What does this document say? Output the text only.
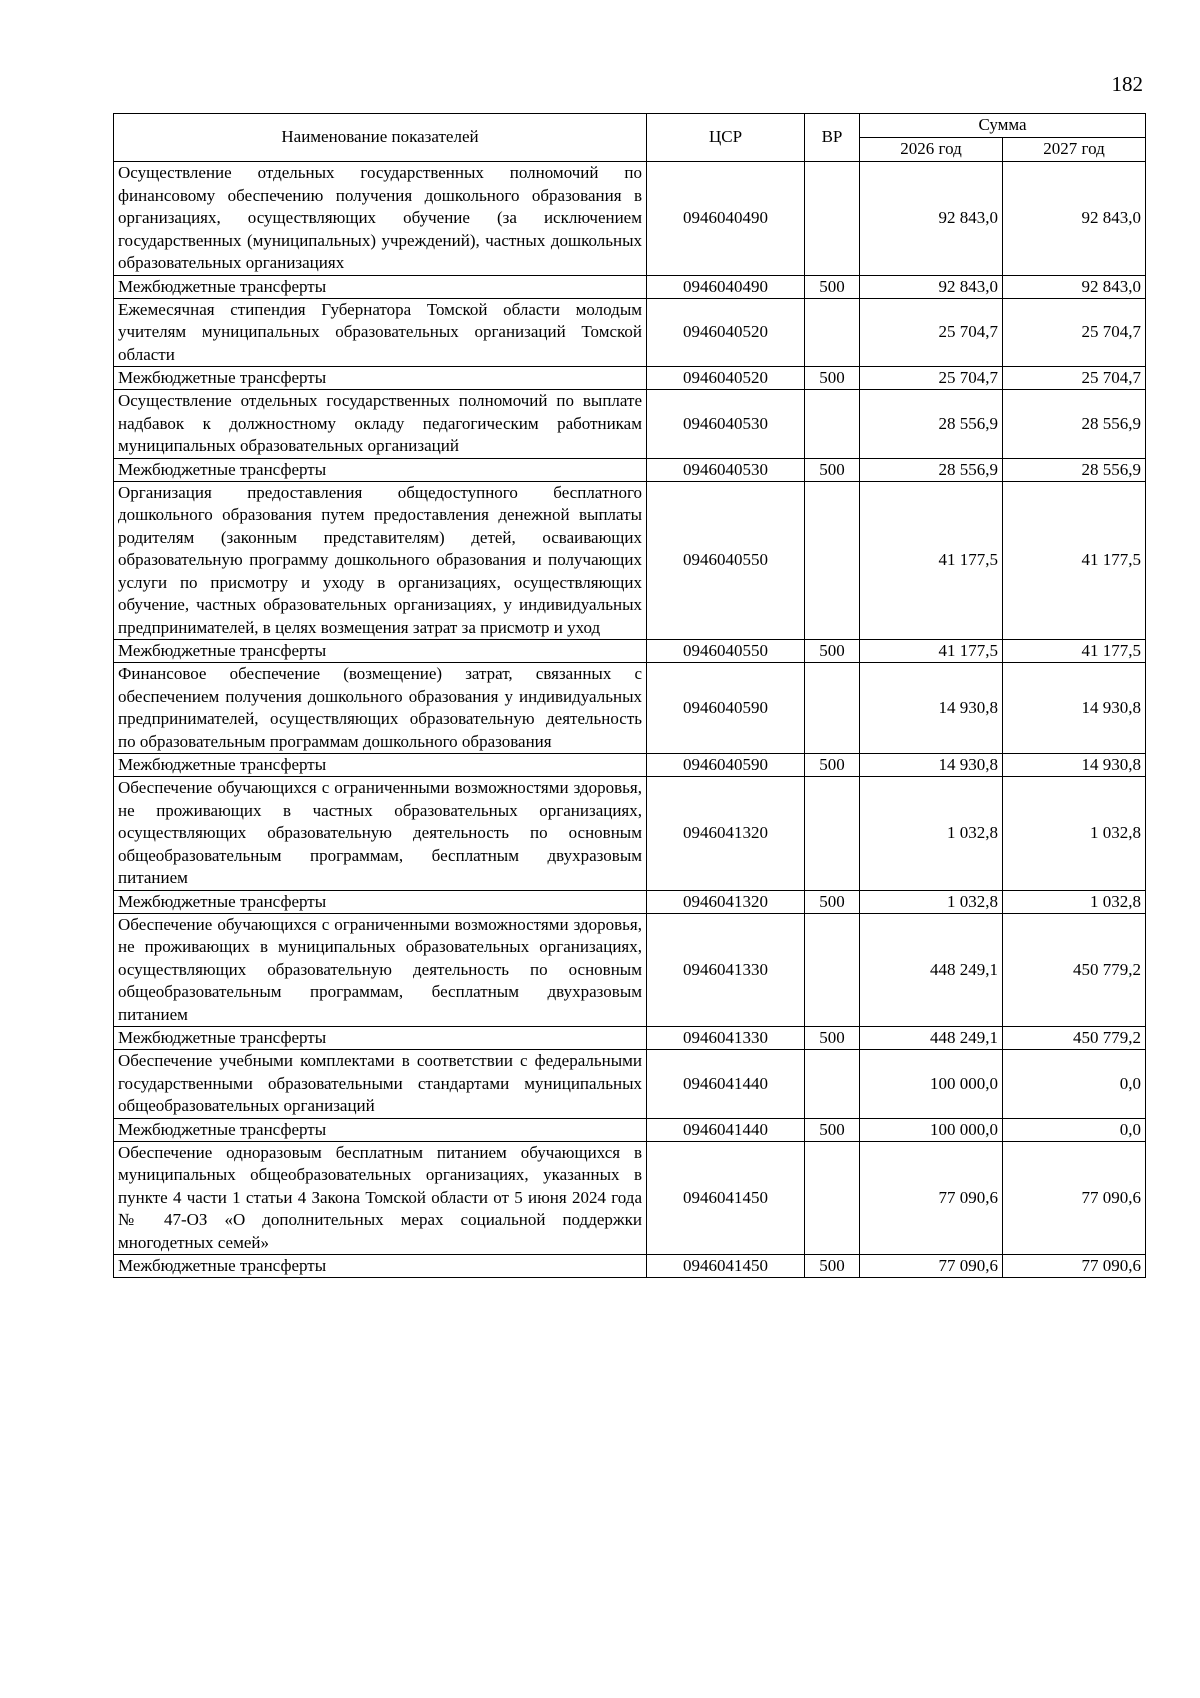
182
Наименование показателей	ЦСР	ВР	Сумма	
			2026 год	2027 год
Осуществление отдельных государственных полномочий по финансовому обеспечению получения дошкольного образования в организациях, осуществляющих обучение (за исключением государственных (муниципальных) учреждений), частных дошкольных образовательных организациях	0946040490		92 843,0	92 843,0
Межбюджетные трансферты	0946040490	500	92 843,0	92 843,0
Ежемесячная стипендия Губернатора Томской области молодым учителям муниципальных образовательных организаций Томской области	0946040520		25 704,7	25 704,7
Межбюджетные трансферты	0946040520	500	25 704,7	25 704,7
Осуществление отдельных государственных полномочий по выплате надбавок к должностному окладу педагогическим работникам муниципальных образовательных организаций	0946040530		28 556,9	28 556,9
Межбюджетные трансферты	0946040530	500	28 556,9	28 556,9
Организация предоставления общедоступного бесплатного дошкольного образования путем предоставления денежной выплаты родителям (законным представителям) детей, осваивающих образовательную программу дошкольного образования и получающих услуги по присмотру и уходу в организациях, осуществляющих обучение, частных образовательных организациях, у индивидуальных предпринимателей, в целях возмещения затрат за присмотр и уход	0946040550		41 177,5	41 177,5
Межбюджетные трансферты	0946040550	500	41 177,5	41 177,5
Финансовое обеспечение (возмещение) затрат, связанных с обеспечением получения дошкольного образования у индивидуальных предпринимателей, осуществляющих образовательную деятельность по образовательным программам дошкольного образования	0946040590		14 930,8	14 930,8
Межбюджетные трансферты	0946040590	500	14 930,8	14 930,8
Обеспечение обучающихся с ограниченными возможностями здоровья, не проживающих в частных образовательных организациях, осуществляющих образовательную деятельность по основным общеобразовательным программам, бесплатным двухразовым питанием	0946041320		1 032,8	1 032,8
Межбюджетные трансферты	0946041320	500	1 032,8	1 032,8
Обеспечение обучающихся с ограниченными возможностями здоровья, не проживающих в муниципальных образовательных организациях, осуществляющих образовательную деятельность по основным общеобразовательным программам, бесплатным двухразовым питанием	0946041330		448 249,1	450 779,2
Межбюджетные трансферты	0946041330	500	448 249,1	450 779,2
Обеспечение учебными комплектами в соответствии с федеральными государственными образовательными стандартами муниципальных общеобразовательных организаций	0946041440		100 000,0	0,0
Межбюджетные трансферты	0946041440	500	100 000,0	0,0
Обеспечение одноразовым бесплатным питанием обучающихся в муниципальных общеобразовательных организациях, указанных в пункте 4 части 1 статьи 4 Закона Томской области от 5 июня 2024 года № 47-ОЗ «О дополнительных мерах социальной поддержки многодетных семей»	0946041450		77 090,6	77 090,6
Межбюджетные трансферты	0946041450	500	77 090,6	77 090,6
